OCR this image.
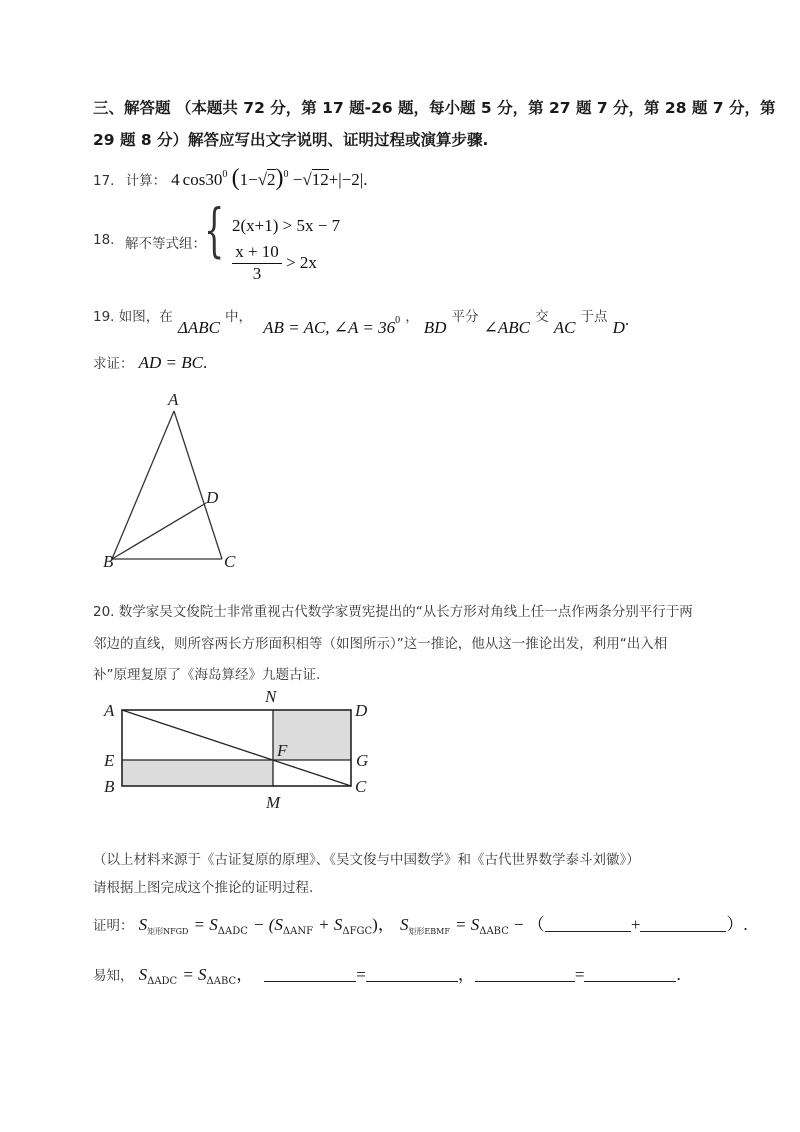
三、解答题 （本题共 72 分，第 17 题-26 题，每小题 5 分，第 27 题 7 分，第 28 题 7 分，第
29 题 8 分）解答应写出文字说明、证明过程或演算步骤.
17. 计算： 4 $\cos 30^0$ $(1-√2)^0 -√12+|-2|$.
18. 解不等式组：
{ 2(x+1) > 5x − 7
$\frac{x + 10}{3} > 2x$
19. 如图，在 ΔABC 中， AB = AC, ∠A = $36^0$ ， BD 平分 ∠ABC 交 AC 于点 D.
求证： AD = BC.
A
B	C
D
20. 数学家吴文俊院士非常重视古代数学家贾宪提出的“从长方形对角线上任一点作两条分别平行于两
邻边的直线，则所容两长方形面积相等（如图所示）”这一推论，他从这一推论出发，利用“出入相
补”原理复原了《海岛算经》九题古证.
A
N
D
E
F
G
B
M
C
（以上材料来源于《古证复原的原理》、《吴文俊与中国数学》和《古代世界数学泰斗刘徽》）
请根据上图完成这个推论的证明过程.
证明： $S_{矩形NFGD} = S_{\Delta ADC} - (S_{\Delta ANF} + S_{\Delta FGC})$， $S_{矩形EBMF} = S_{\Delta ABC}$ − （	+	）.
易知， $S_{\Delta ADC} = S_{\Delta ABC}$，	=	，	=	.
